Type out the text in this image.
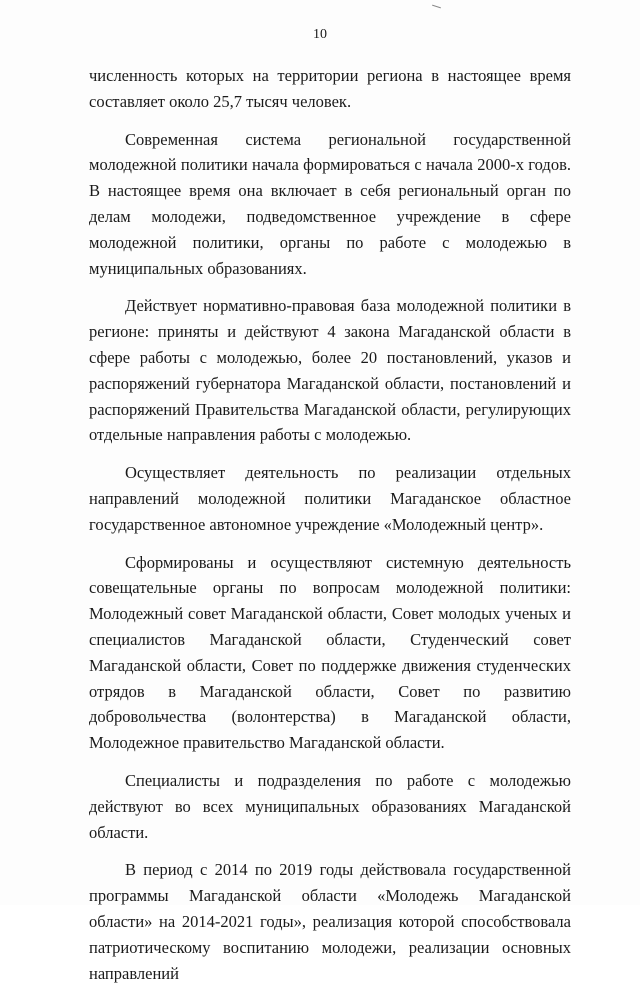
10

численность которых на территории региона в настоящее время составляет около 25,7 тысяч человек.

Современная система региональной государственной молодежной политики начала формироваться с начала 2000-х годов. В настоящее время она включает в себя региональный орган по делам молодежи, подведомственное учреждение в сфере молодежной политики, органы по работе с молодежью в муниципальных образованиях.

Действует нормативно-правовая база молодежной политики в регионе: приняты и действуют 4 закона Магаданской области в сфере работы с молодежью, более 20 постановлений, указов и распоряжений губернатора Магаданской области, постановлений и распоряжений Правительства Магаданской области, регулирующих отдельные направления работы с молодежью.

Осуществляет деятельность по реализации отдельных направлений молодежной политики Магаданское областное государственное автономное учреждение «Молодежный центр».

Сформированы и осуществляют системную деятельность совещательные органы по вопросам молодежной политики: Молодежный совет Магаданской области, Совет молодых ученых и специалистов Магаданской области, Студенческий совет Магаданской области, Совет по поддержке движения студенческих отрядов в Магаданской области, Совет по развитию добровольчества (волонтерства) в Магаданской области, Молодежное правительство Магаданской области.

Специалисты и подразделения по работе с молодежью действуют во всех муниципальных образованиях Магаданской области.

В период с 2014 по 2019 годы действовала государственной программы Магаданской области «Молодежь Магаданской области» на 2014-2021 годы», реализация которой способствовала патриотическому воспитанию молодежи, реализации основных направлений
